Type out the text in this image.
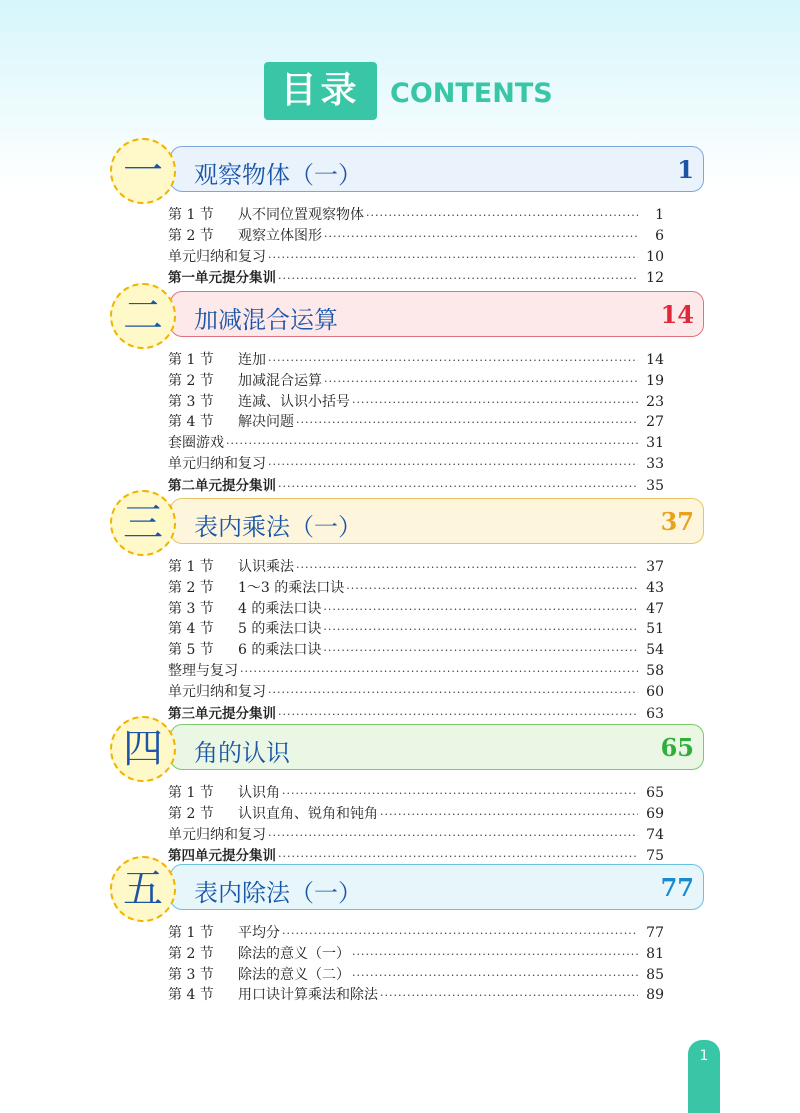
目录	CONTENTS
一 观察物体（一）	1
第 1 节	从不同位置观察物体 ·····	1
第 2 节	观察立体图形 ·····	6
单元归纳和复习 ·····	10
第一单元提分集训 ·····	12
二 加减混合运算	14
第 1 节	连加 ·····	14
第 2 节	加减混合运算 ·····	19
第 3 节	连减、认识小括号 ·····	23
第 4 节	解决问题 ·····	27
套圈游戏 ·····	31
单元归纳和复习 ·····	33
第二单元提分集训 ·····	35
三 表内乘法（一）	37
第 1 节	认识乘法 ·····	37
第 2 节	1～3 的乘法口诀 ·····	43
第 3 节	4 的乘法口诀 ·····	47
第 4 节	5 的乘法口诀 ·····	51
第 5 节	6 的乘法口诀 ·····	54
整理与复习 ·····	58
单元归纳和复习 ·····	60
第三单元提分集训 ·····	63
四 角的认识	65
第 1 节	认识角 ·····	65
第 2 节	认识直角、锐角和钝角 ·····	69
单元归纳和复习 ·····	74
第四单元提分集训 ·····	75
五 表内除法（一）	77
第 1 节	平均分 ·····	77
第 2 节	除法的意义（一） ·····	81
第 3 节	除法的意义（二） ·····	85
第 4 节	用口诀计算乘法和除法 ·····	89
1
